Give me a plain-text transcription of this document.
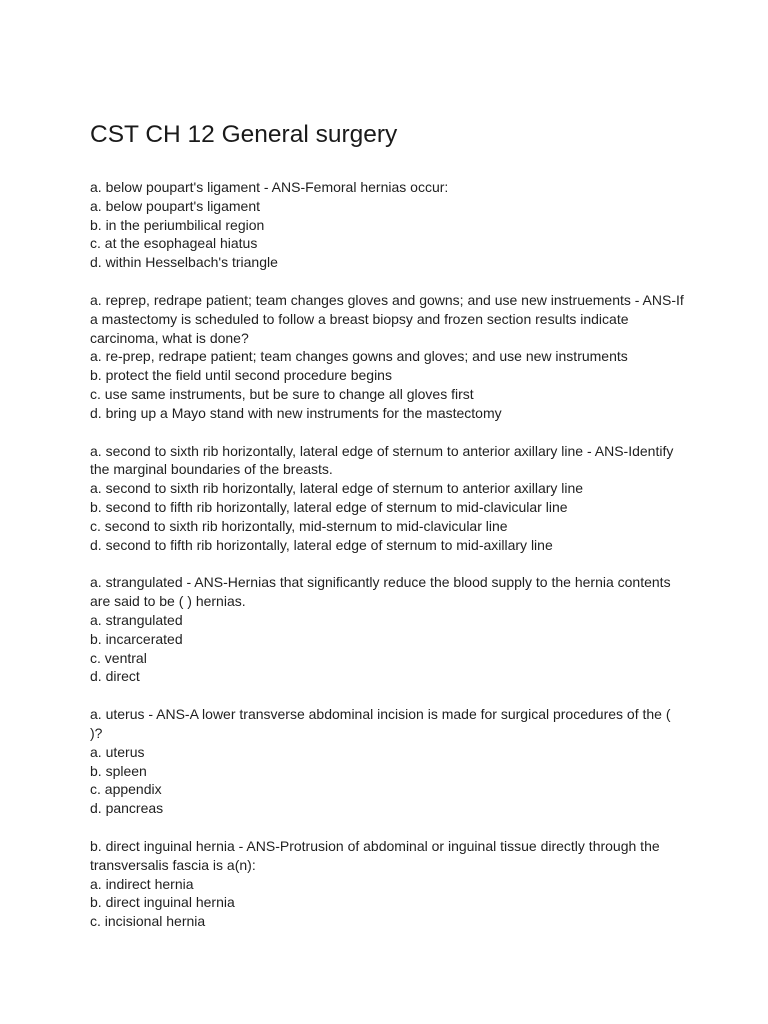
CST CH 12 General surgery

a. below poupart's ligament - ANS-Femoral hernias occur:
a. below poupart's ligament
b. in the periumbilical region
c. at the esophageal hiatus
d. within Hesselbach's triangle

a. reprep, redrape patient; team changes gloves and gowns; and use new instruements - ANS-If
a mastectomy is scheduled to follow a breast biopsy and frozen section results indicate
carcinoma, what is done?
a. re-prep, redrape patient; team changes gowns and gloves; and use new instruments
b. protect the field until second procedure begins
c. use same instruments, but be sure to change all gloves first
d. bring up a Mayo stand with new instruments for the mastectomy

a. second to sixth rib horizontally, lateral edge of sternum to anterior axillary line - ANS-Identify
the marginal boundaries of the breasts.
a. second to sixth rib horizontally, lateral edge of sternum to anterior axillary line
b. second to fifth rib horizontally, lateral edge of sternum to mid-clavicular line
c. second to sixth rib horizontally, mid-sternum to mid-clavicular line
d. second to fifth rib horizontally, lateral edge of sternum to mid-axillary line

a. strangulated - ANS-Hernias that significantly reduce the blood supply to the hernia contents
are said to be ( ) hernias.
a. strangulated
b. incarcerated
c. ventral
d. direct

a. uterus - ANS-A lower transverse abdominal incision is made for surgical procedures of the (
)?
a. uterus
b. spleen
c. appendix
d. pancreas

b. direct inguinal hernia - ANS-Protrusion of abdominal or inguinal tissue directly through the
transversalis fascia is a(n):
a. indirect hernia
b. direct inguinal hernia
c. incisional hernia
